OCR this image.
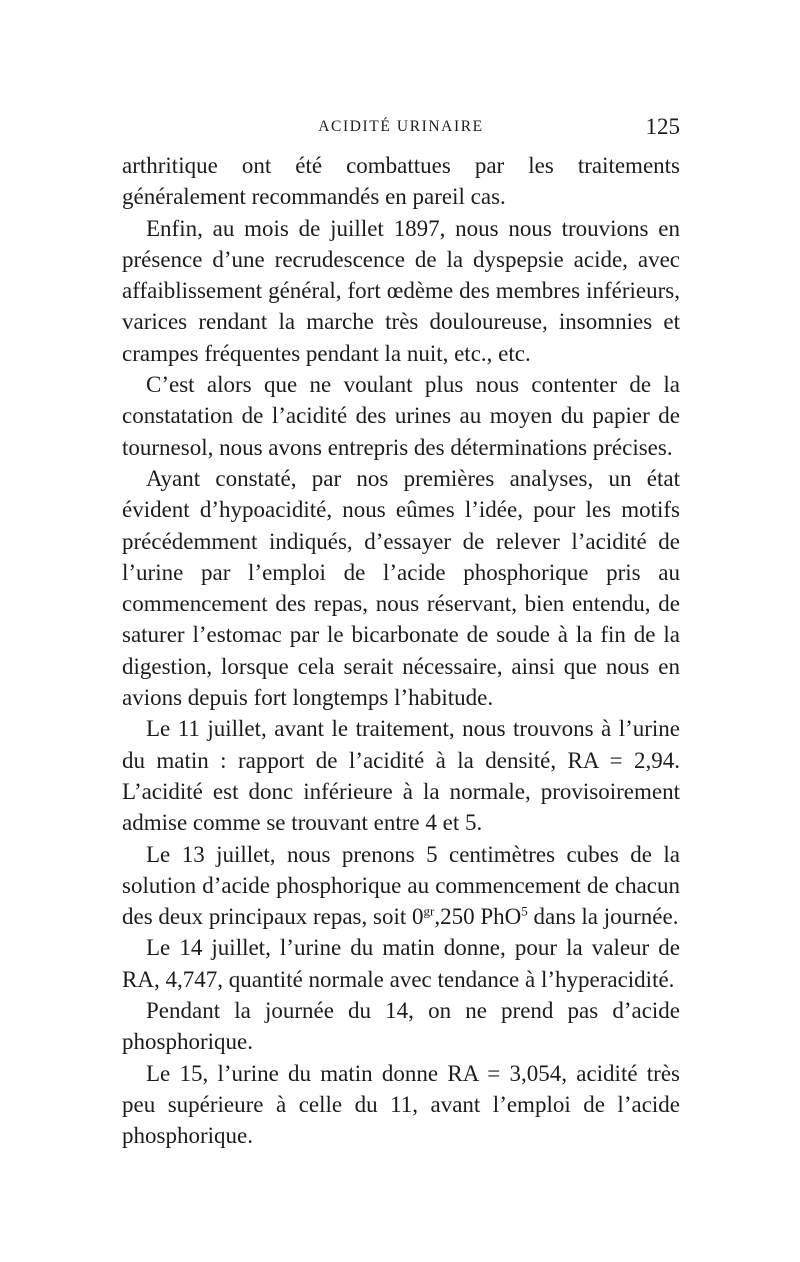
ACIDITÉ URINAIRE	125

arthritique ont été combattues par les traitements généralement recommandés en pareil cas.

Enfin, au mois de juillet 1897, nous nous trouvions en présence d’une recrudescence de la dyspepsie acide, avec affaiblissement général, fort œdème des membres inférieurs, varices rendant la marche très douloureuse, insomnies et crampes fréquentes pendant la nuit, etc., etc.

C’est alors que ne voulant plus nous contenter de la constatation de l’acidité des urines au moyen du papier de tournesol, nous avons entrepris des déterminations précises.

Ayant constaté, par nos premières analyses, un état évident d’hypoacidité, nous eûmes l’idée, pour les motifs précédemment indiqués, d’essayer de relever l’acidité de l’urine par l’emploi de l’acide phosphorique pris au commencement des repas, nous réservant, bien entendu, de saturer l’estomac par le bicarbonate de soude à la fin de la digestion, lorsque cela serait nécessaire, ainsi que nous en avions depuis fort longtemps l’habitude.

Le 11 juillet, avant le traitement, nous trouvons à l’urine du matin : rapport de l’acidité à la densité, RA = 2,94. L’acidité est donc inférieure à la normale, provisoirement admise comme se trouvant entre 4 et 5.

Le 13 juillet, nous prenons 5 centimètres cubes de la solution d’acide phosphorique au commencement de chacun des deux principaux repas, soit $0^{gr},250$ PhO$^5$ dans la journée.

Le 14 juillet, l’urine du matin donne, pour la valeur de RA, 4,747, quantité normale avec tendance à l’hyperacidité.

Pendant la journée du 14, on ne prend pas d’acide phosphorique.

Le 15, l’urine du matin donne RA = 3,054, acidité très peu supérieure à celle du 11, avant l’emploi de l’acide phosphorique.
